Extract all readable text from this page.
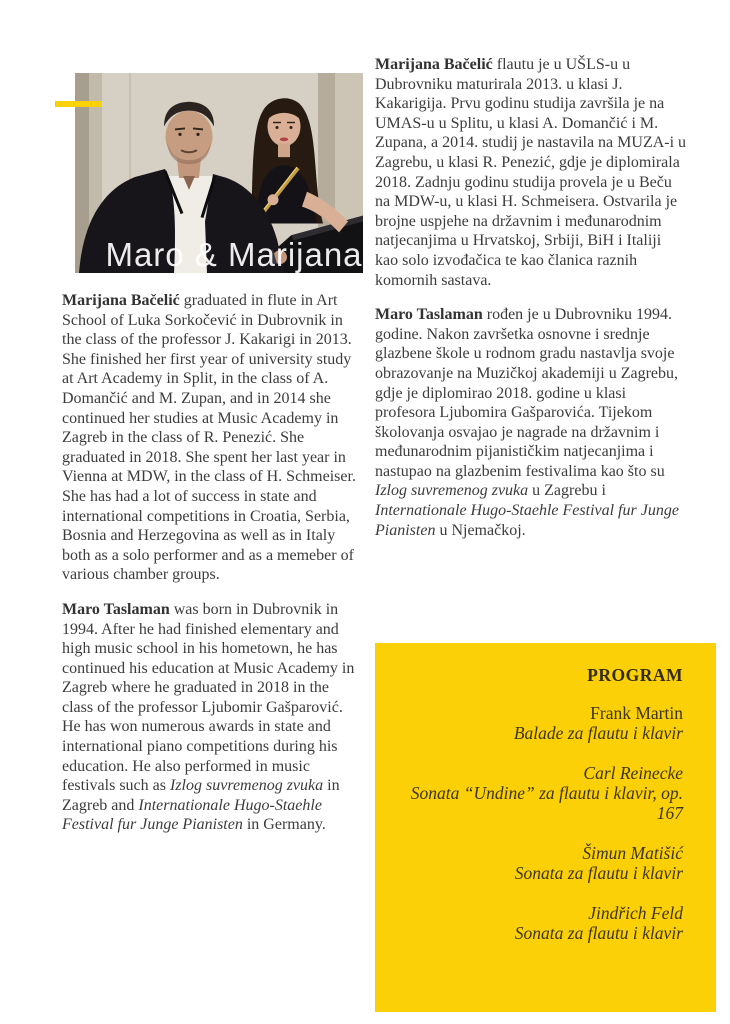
Maro & Marijana

Marijana Bačelić graduated in flute in Art School of Luka Sorkočević in Dubrovnik in the class of the professor J. Kakarigi in 2013. She finished her first year of university study at Art Academy in Split, in the class of A. Domančić and M. Zupan, and in 2014 she continued her studies at Music Academy in Zagreb in the class of R. Penezić. She graduated in 2018. She spent her last year in Vienna at MDW, in the class of H. Schmeiser. She has had a lot of success in state and international competitions in Croatia, Serbia, Bosnia and Herzegovina as well as in Italy both as a solo performer and as a memeber of various chamber groups.

Maro Taslaman was born in Dubrovnik in 1994. After he had finished elementary and high music school in his hometown, he has continued his education at Music Academy in Zagreb where he graduated in 2018 in the class of the professor Ljubomir Gašparović. He has won numerous awards in state and international piano competitions during his education. He also performed in music festivals such as Izlog suvremenog zvuka in Zagreb and Internationale Hugo-Staehle Festival fur Junge Pianisten in Germany.

Marijana Bačelić flautu je u UŠLS-u u Dubrovniku maturirala 2013. u klasi J. Kakarigija. Prvu godinu studija završila je na UMAS-u u Splitu, u klasi A. Domančić i M. Zupana, a 2014. studij je nastavila na MUZA-i u Zagrebu, u klasi R. Penezić, gdje je diplomirala 2018. Zadnju godinu studija provela je u Beču na MDW-u, u klasi H. Schmeisera. Ostvarila je brojne uspjehe na državnim i međunarodnim natjecanjima u Hrvatskoj, Srbiji, BiH i Italiji kao solo izvođačica te kao članica raznih komornih sastava.

Maro Taslaman rođen je u Dubrovniku 1994. godine. Nakon završetka osnovne i srednje glazbene škole u rodnom gradu nastavlja svoje obrazovanje na Muzičkoj akademiji u Zagrebu, gdje je diplomirao 2018. godine u klasi profesora Ljubomira Gašparovića. Tijekom školovanja osvajao je nagrade na državnim i međunarodnim pijanističkim natjecanjima i nastupao na glazbenim festivalima kao što su Izlog suvremenog zvuka u Zagrebu i Internationale Hugo-Staehle Festival fur Junge Pianisten u Njemačkoj.

PROGRAM
Frank Martin
Balade za flautu i klavir
Carl Reinecke
Sonata “Undine” za flautu i klavir, op. 167
Šimun Matišić
Sonata za flautu i klavir
Jindřich Feld
Sonata za flautu i klavir
